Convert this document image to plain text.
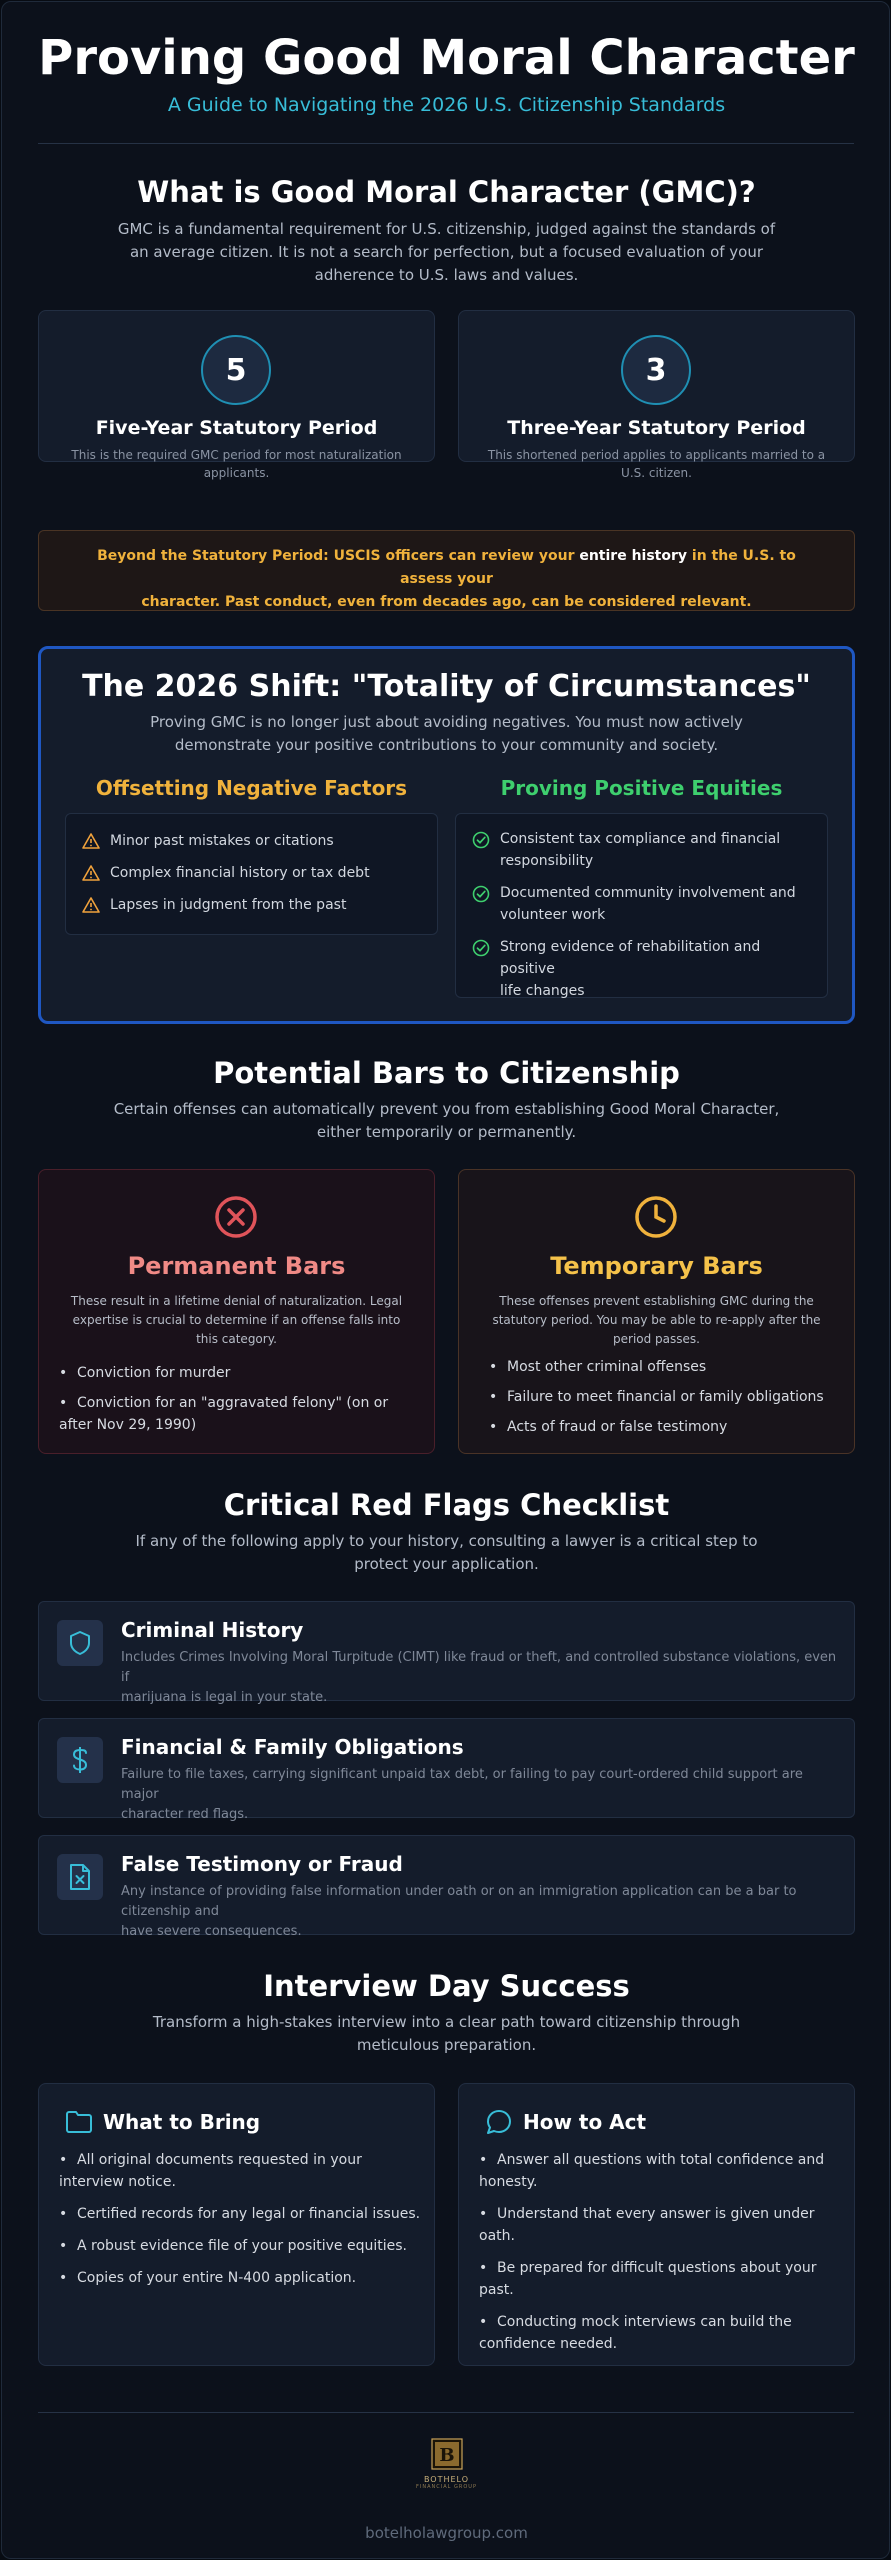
Proving Good Moral Character
A Guide to Navigating the 2026 U.S. Citizenship Standards
What is Good Moral Character (GMC)?
GMC is a fundamental requirement for U.S. citizenship, judged against the standards of
an average citizen. It is not a search for perfection, but a focused evaluation of your
adherence to U.S. laws and values.
5
Five-Year Statutory Period
This is the required GMC period for most naturalization
applicants.
3
Three-Year Statutory Period
This shortened period applies to applicants married to a
U.S. citizen.
Beyond the Statutory Period: USCIS officers can review your entire history in the U.S. to assess your
character. Past conduct, even from decades ago, can be considered relevant.
The 2026 Shift: "Totality of Circumstances"
Proving GMC is no longer just about avoiding negatives. You must now actively
demonstrate your positive contributions to your community and society.
Offsetting Negative Factors
Minor past mistakes or citations
Complex financial history or tax debt
Lapses in judgment from the past
Proving Positive Equities
Consistent tax compliance and financial
responsibility
Documented community involvement and
volunteer work
Strong evidence of rehabilitation and positive
life changes
Potential Bars to Citizenship
Certain offenses can automatically prevent you from establishing Good Moral Character,
either temporarily or permanently.
Permanent Bars
These result in a lifetime denial of naturalization. Legal
expertise is crucial to determine if an offense falls into
this category.
• Conviction for murder
• Conviction for an "aggravated felony" (on or
after Nov 29, 1990)
Temporary Bars
These offenses prevent establishing GMC during the
statutory period. You may be able to re-apply after the
period passes.
• Most other criminal offenses
• Failure to meet financial or family obligations
• Acts of fraud or false testimony
Critical Red Flags Checklist
If any of the following apply to your history, consulting a lawyer is a critical step to
protect your application.
Criminal History
Includes Crimes Involving Moral Turpitude (CIMT) like fraud or theft, and controlled substance violations, even if
marijuana is legal in your state.
Financial & Family Obligations
Failure to file taxes, carrying significant unpaid tax debt, or failing to pay court-ordered child support are major
character red flags.
False Testimony or Fraud
Any instance of providing false information under oath or on an immigration application can be a bar to citizenship and
have severe consequences.
Interview Day Success
Transform a high-stakes interview into a clear path toward citizenship through
meticulous preparation.
What to Bring
• All original documents requested in your
interview notice.
• Certified records for any legal or financial issues.
• A robust evidence file of your positive equities.
• Copies of your entire N-400 application.
How to Act
• Answer all questions with total confidence and
honesty.
• Understand that every answer is given under
oath.
• Be prepared for difficult questions about your
past.
• Conducting mock interviews can build the
confidence needed.
B
BOTHELO
FINANCIAL GROUP
botelholawgroup.com
